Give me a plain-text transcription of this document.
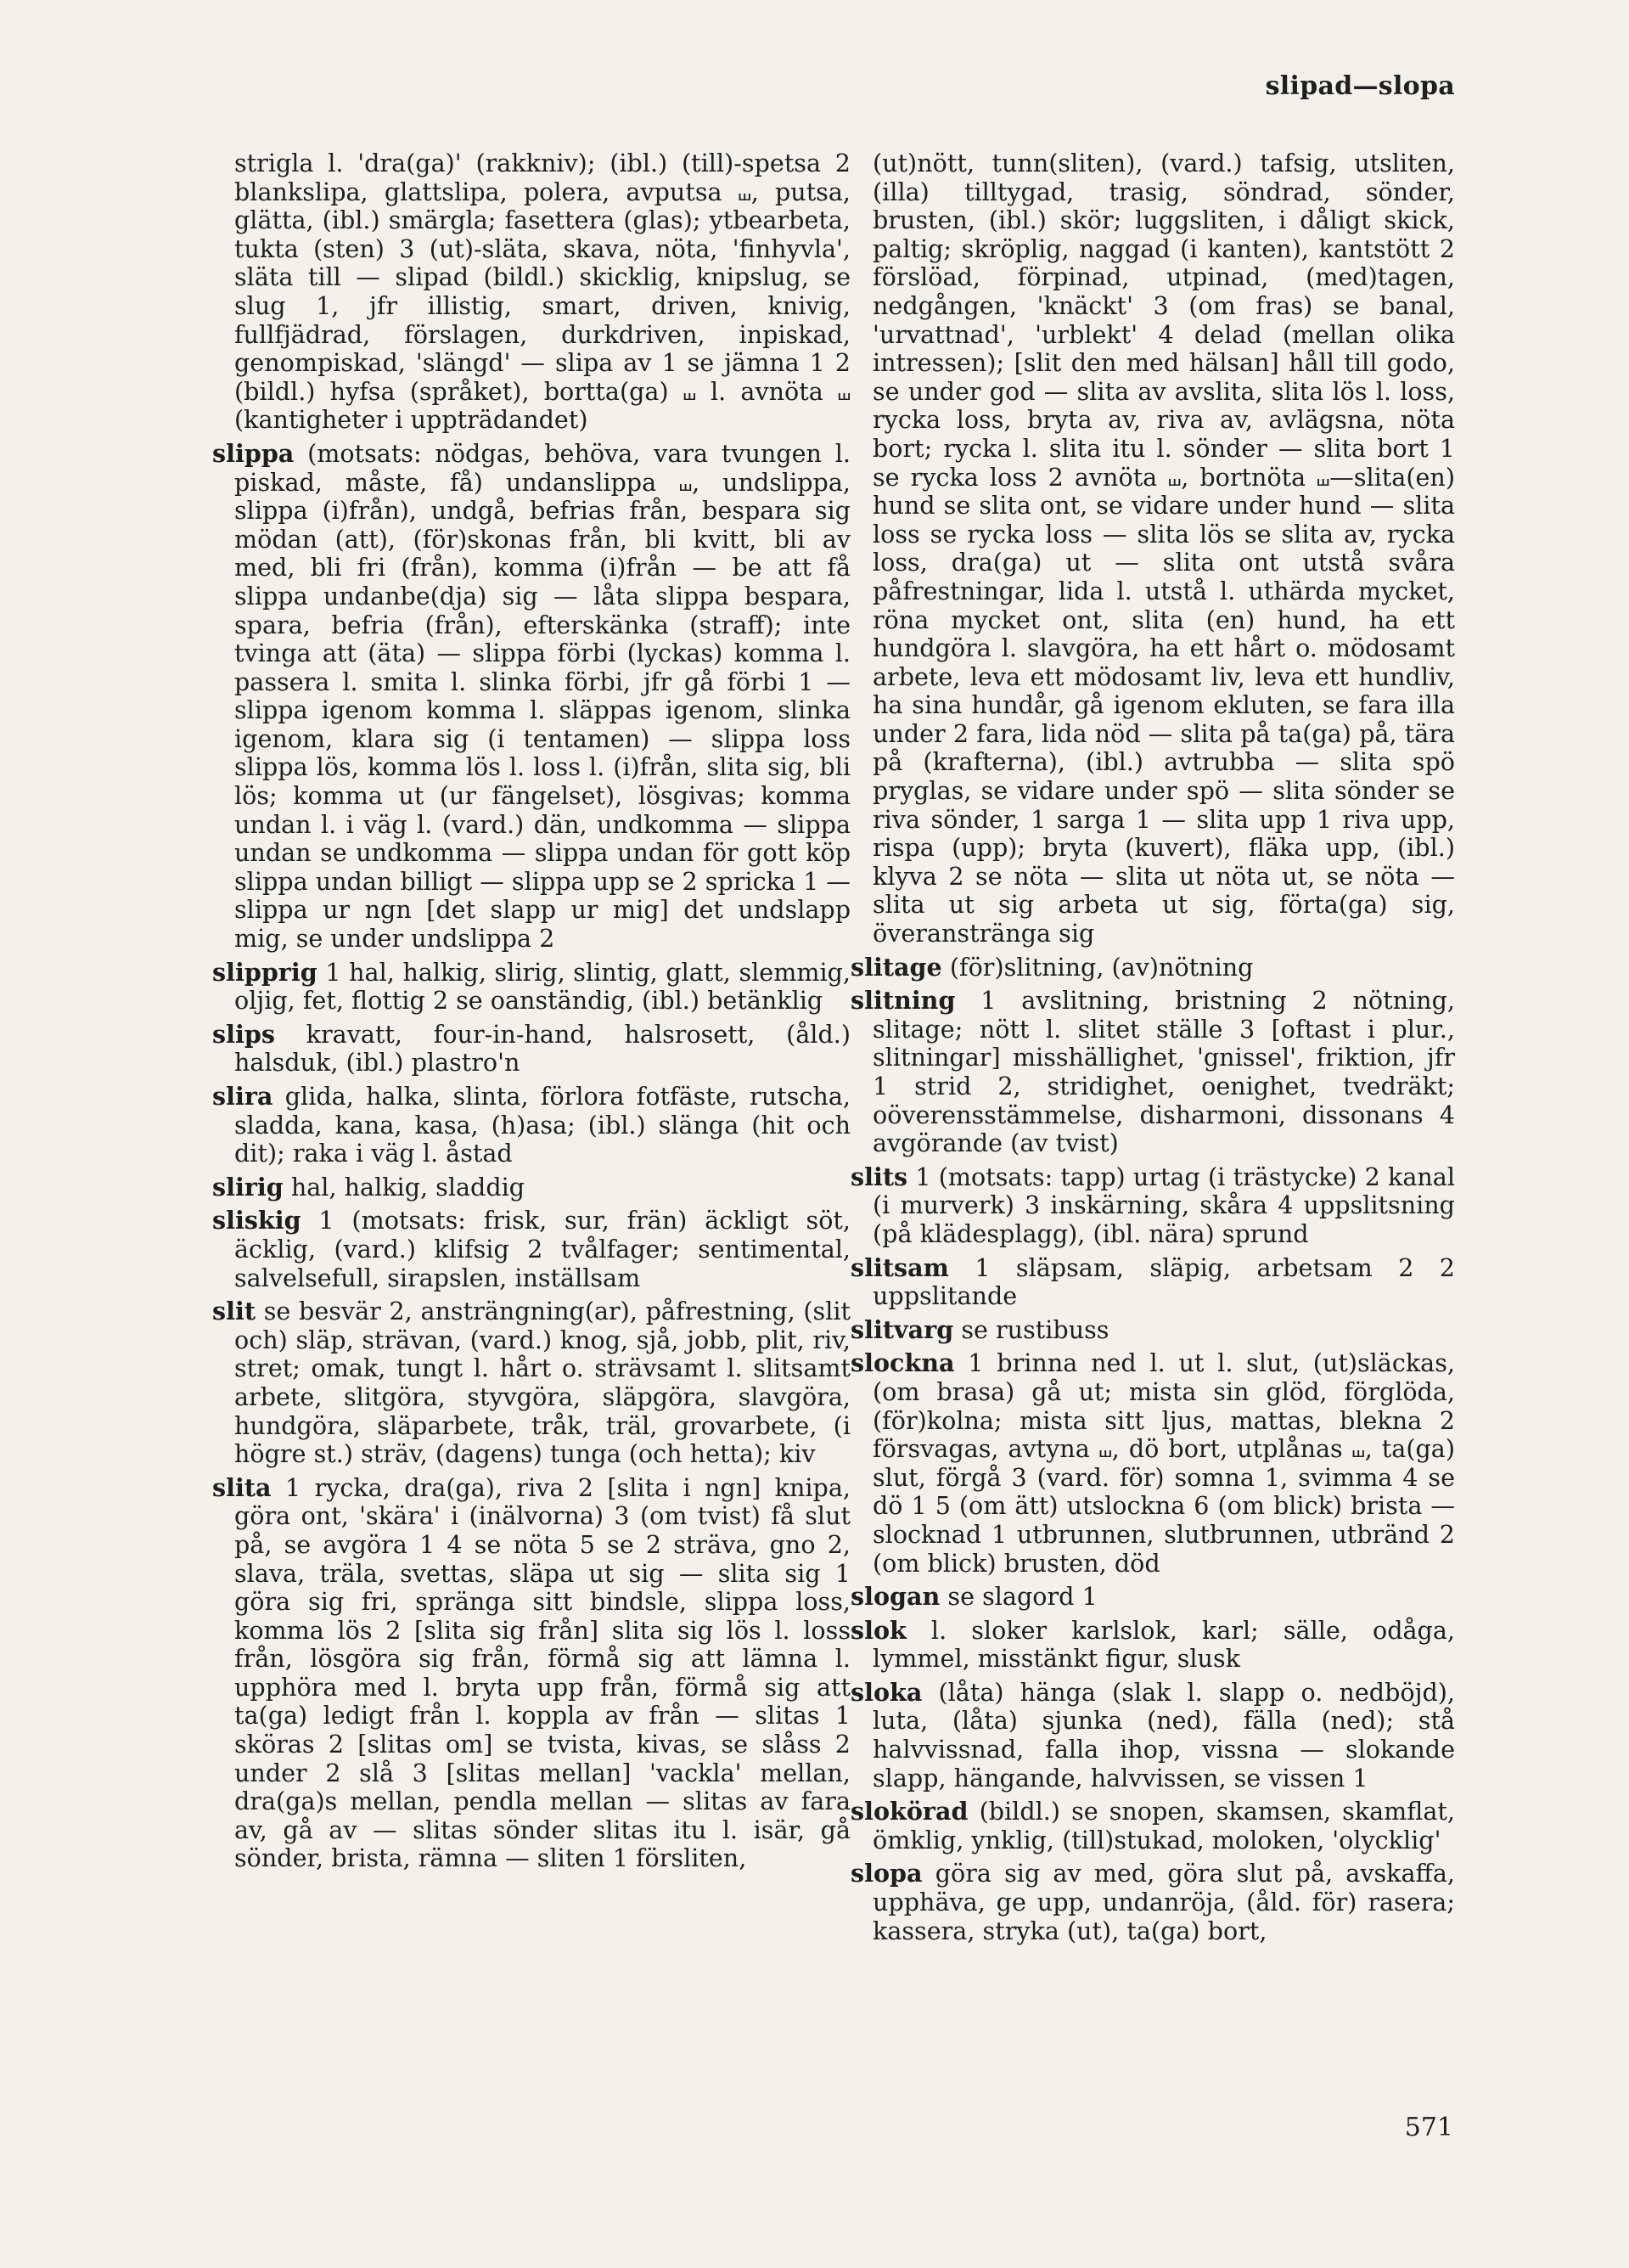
slipad—slopa
strigla l. 'dra(ga)' (rakkniv); (ibl.) (till)-spetsa 2 blankslipa, glattslipa, polera, avputsa ⧢, putsa, glätta, (ibl.) smärgla; fasettera (glas); ytbearbeta, tukta (sten) 3 (ut)-släta, skava, nöta, 'finhyvla', släta till — slipad (bildl.) skicklig, knipslug, se slug 1, jfr illistig, smart, driven, knivig, fullfjädrad, förslagen, durkdriven, inpiskad, genompiskad, 'slängd' — slipa av 1 se jämna 1 2 (bildl.) hyfsa (språket), bortta(ga) ⧢ l. avnöta ⧢ (kantigheter i uppträdandet)
slippa (motsats: nödgas, behöva, vara tvungen l. piskad, måste, få) undanslippa ⧢, undslippa, slippa (i)från), undgå, befrias från, bespara sig mödan (att), (för)skonas från, bli kvitt, bli av med, bli fri (från), komma (i)från — be att få slippa undanbe(dja) sig — låta slippa bespara, spara, befria (från), efterskänka (straff); inte tvinga att (äta) — slippa förbi (lyckas) komma l. passera l. smita l. slinka förbi, jfr gå förbi 1 — slippa igenom komma l. släppas igenom, slinka igenom, klara sig (i tentamen) — slippa loss slippa lös, komma lös l. loss l. (i)från, slita sig, bli lös; komma ut (ur fängelset), lösgivas; komma undan l. i väg l. (vard.) dän, undkomma — slippa undan se undkomma — slippa undan för gott köp slippa undan billigt — slippa upp se 2 spricka 1 — slippa ur ngn [det slapp ur mig] det undslapp mig, se under undslippa 2
slipprig 1 hal, halkig, slirig, slintig, glatt, slemmig, oljig, fet, flottig 2 se oanständig, (ibl.) betänklig
slips kravatt, four-in-hand, halsrosett, (åld.) halsduk, (ibl.) plastro'n
slira glida, halka, slinta, förlora fotfäste, rutscha, sladda, kana, kasa, (h)asa; (ibl.) slänga (hit och dit); raka i väg l. åstad
slirig hal, halkig, sladdig
sliskig 1 (motsats: frisk, sur, frän) äckligt söt, äcklig, (vard.) klifsig 2 tvålfager; sentimental, salvelsefull, sirapslen, inställsam
slit se besvär 2, ansträngning(ar), påfrestning, (slit och) släp, strävan, (vard.) knog, sjå, jobb, plit, riv, stret; omak, tungt l. hårt o. strävsamt l. slitsamt arbete, slitgöra, styvgöra, släpgöra, slavgöra, hundgöra, släparbete, tråk, träl, grovarbete, (i högre st.) sträv, (dagens) tunga (och hetta); kiv
slita 1 rycka, dra(ga), riva 2 [slita i ngn] knipa, göra ont, 'skära' i (inälvorna) 3 (om tvist) få slut på, se avgöra 1 4 se nöta 5 se 2 sträva, gno 2, slava, träla, svettas, släpa ut sig — slita sig 1 göra sig fri, spränga sitt bindsle, slippa loss, komma lös 2 [slita sig från] slita sig lös l. loss från, lösgöra sig från, förmå sig att lämna l. upphöra med l. bryta upp från, förmå sig att ta(ga) ledigt från l. koppla av från — slitas 1 sköras 2 [slitas om] se tvista, kivas, se slåss 2 under 2 slå 3 [slitas mellan] 'vackla' mellan, dra(ga)s mellan, pendla mellan — slitas av fara av, gå av — slitas sönder slitas itu l. isär, gå sönder, brista, rämna — sliten 1 försliten,
(ut)nött, tunn(sliten), (vard.) tafsig, utsliten, (illa) tilltygad, trasig, söndrad, sönder, brusten, (ibl.) skör; luggsliten, i dåligt skick, paltig; skröplig, naggad (i kanten), kantstött 2 förslöad, förpinad, utpinad, (med)tagen, nedgången, 'knäckt' 3 (om fras) se banal, 'urvattnad', 'urblekt' 4 delad (mellan olika intressen); [slit den med hälsan] håll till godo, se under god — slita av avslita, slita lös l. loss, rycka loss, bryta av, riva av, avlägsna, nöta bort; rycka l. slita itu l. sönder — slita bort 1 se rycka loss 2 avnöta ⧢, bortnöta ⧢—slita(en) hund se slita ont, se vidare under hund — slita loss se rycka loss — slita lös se slita av, rycka loss, dra(ga) ut — slita ont utstå svåra påfrestningar, lida l. utstå l. uthärda mycket, röna mycket ont, slita (en) hund, ha ett hundgöra l. slavgöra, ha ett hårt o. mödosamt arbete, leva ett mödosamt liv, leva ett hundliv, ha sina hundår, gå igenom ekluten, se fara illa under 2 fara, lida nöd — slita på ta(ga) på, tära på (krafterna), (ibl.) avtrubba — slita spö pryglas, se vidare under spö — slita sönder se riva sönder, 1 sarga 1 — slita upp 1 riva upp, rispa (upp); bryta (kuvert), fläka upp, (ibl.) klyva 2 se nöta — slita ut nöta ut, se nöta — slita ut sig arbeta ut sig, förta(ga) sig, överanstränga sig
slitage (för)slitning, (av)nötning
slitning 1 avslitning, bristning 2 nötning, slitage; nött l. slitet ställe 3 [oftast i plur., slitningar] misshällighet, 'gnissel', friktion, jfr 1 strid 2, stridighet, oenighet, tvedräkt; oöverensstämmelse, disharmoni, dissonans 4 avgörande (av tvist)
slits 1 (motsats: tapp) urtag (i trästycke) 2 kanal (i murverk) 3 inskärning, skåra 4 uppslitsning (på klädesplagg), (ibl. nära) sprund
slitsam 1 släpsam, släpig, arbetsam 2 2 uppslitande
slitvarg se rustibuss
slockna 1 brinna ned l. ut l. slut, (ut)släckas, (om brasa) gå ut; mista sin glöd, förglöda, (för)kolna; mista sitt ljus, mattas, blekna 2 försvagas, avtyna ⧢, dö bort, utplånas ⧢, ta(ga) slut, förgå 3 (vard. för) somna 1, svimma 4 se dö 1 5 (om ätt) utslockna 6 (om blick) brista — slocknad 1 utbrunnen, slutbrunnen, utbränd 2 (om blick) brusten, död
slogan se slagord 1
slok l. sloker karlslok, karl; sälle, odåga, lymmel, misstänkt figur, slusk
sloka (låta) hänga (slak l. slapp o. nedböjd), luta, (låta) sjunka (ned), fälla (ned); stå halvvissnad, falla ihop, vissna — slokande slapp, hängande, halvvissen, se vissen 1
slokörad (bildl.) se snopen, skamsen, skamflat, ömklig, ynklig, (till)stukad, moloken, 'olycklig'
slopa göra sig av med, göra slut på, avskaffa, upphäva, ge upp, undanröja, (åld. för) rasera; kassera, stryka (ut), ta(ga) bort,
571
